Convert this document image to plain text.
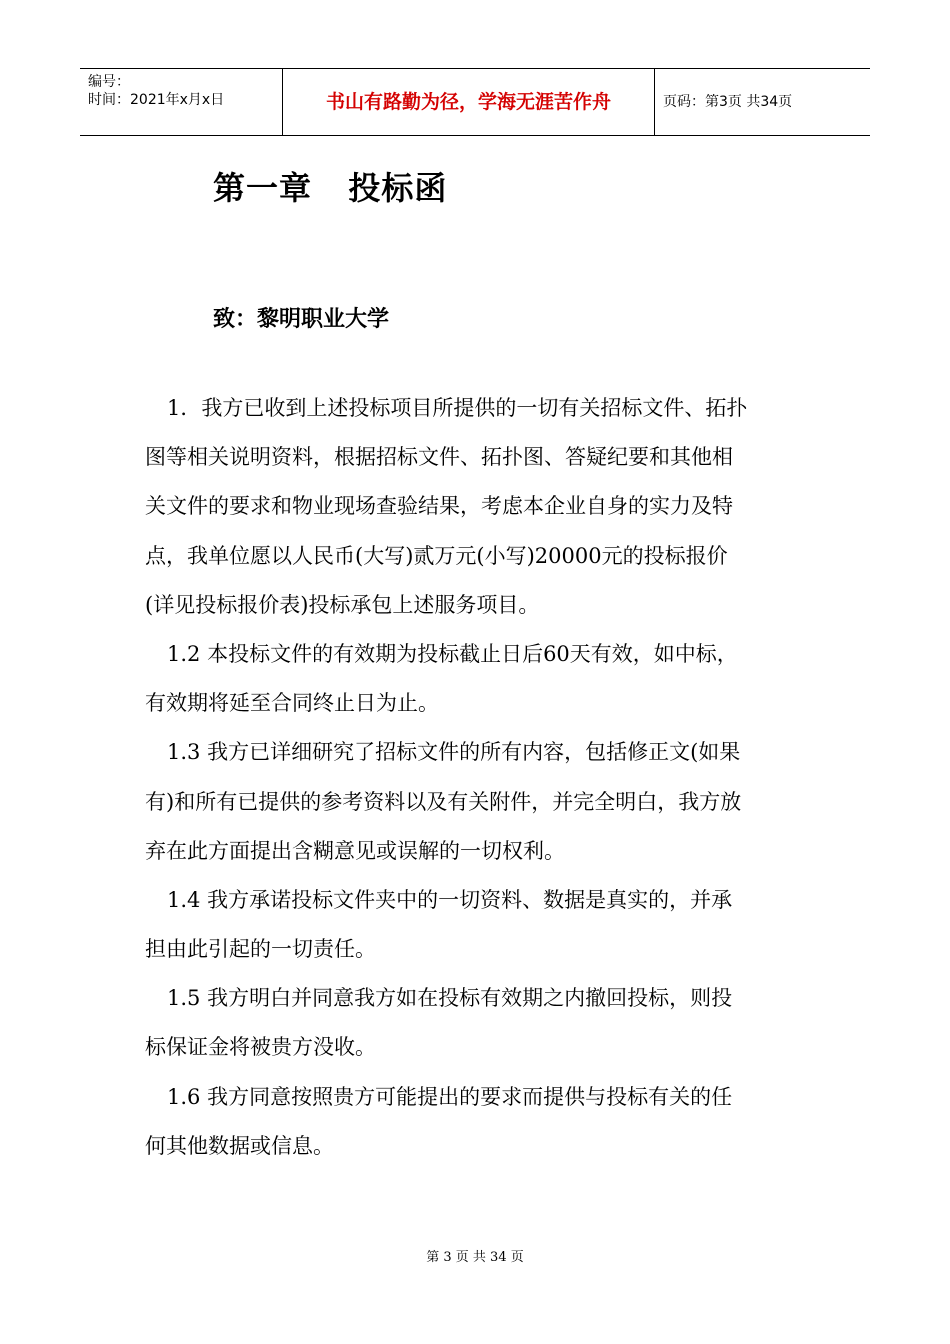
编号：
时间：2021年x月x日	书山有路勤为径，学海无涯苦作舟	页码：第3页 共34页
第一章   投标函
致：黎明职业大学
1．我方已收到上述投标项目所提供的一切有关招标文件、拓扑
图等相关说明资料，根据招标文件、拓扑图、答疑纪要和其他相
关文件的要求和物业现场查验结果，考虑本企业自身的实力及特
点，我单位愿以人民币(大写)贰万元(小写)20000元的投标报价
(详见投标报价表)投标承包上述服务项目。
1.2 本投标文件的有效期为投标截止日后60天有效，如中标，
有效期将延至合同终止日为止。
1.3 我方已详细研究了招标文件的所有内容，包括修正文(如果
有)和所有已提供的参考资料以及有关附件，并完全明白，我方放
弃在此方面提出含糊意见或误解的一切权利。
1.4 我方承诺投标文件夹中的一切资料、数据是真实的，并承
担由此引起的一切责任。
1.5 我方明白并同意我方如在投标有效期之内撤回投标，则投
标保证金将被贵方没收。
1.6 我方同意按照贵方可能提出的要求而提供与投标有关的任
何其他数据或信息。
第 3 页 共 34 页
